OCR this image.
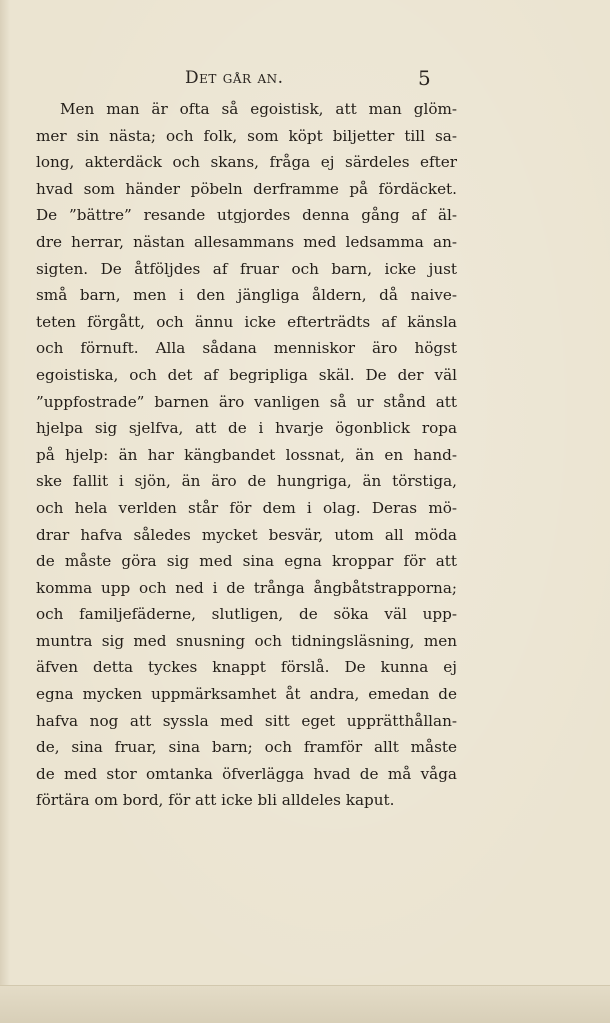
Det går an.	5
Men man är ofta så egoistisk, att man glöm-
mer sin nästa; och folk, som köpt biljetter till sa-
long, akterdäck och skans, fråga ej särdeles efter
hvad som händer pöbeln derframme på fördäcket.
De ”bättre” resande utgjordes denna gång af äl-
dre herrar, nästan allesammans med ledsamma an-
sigten. De åtföljdes af fruar och barn, icke just
små barn, men i den jängliga åldern, då naive-
teten förgått, och ännu icke efterträdts af känsla
och förnuft. Alla sådana menniskor äro högst
egoistiska, och det af begripliga skäl. De der väl
”uppfostrade” barnen äro vanligen så ur stånd att
hjelpa sig sjelfva, att de i hvarje ögonblick ropa
på hjelp: än har kängbandet lossnat, än en hand-
ske fallit i sjön, än äro de hungriga, än törstiga,
och hela verlden står för dem i olag. Deras mö-
drar hafva således mycket besvär, utom all möda
de måste göra sig med sina egna kroppar för att
komma upp och ned i de trånga ångbåtstrapporna;
och familjefäderne, slutligen, de söka väl upp-
muntra sig med snusning och tidningsläsning, men
äfven detta tyckes knappt förslå. De kunna ej
egna mycken uppmärksamhet åt andra, emedan de
hafva nog att syssla med sitt eget upprätthållan-
de, sina fruar, sina barn; och framför allt måste
de med stor omtanka öfverlägga hvad de må våga
förtära om bord, för att icke bli alldeles kaput.
